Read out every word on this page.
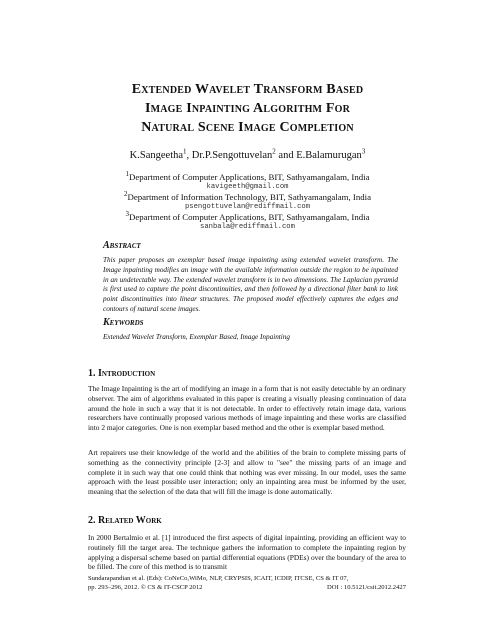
Extended Wavelet Transform Based
Image Inpainting Algorithm For
Natural Scene Image Completion
K.Sangeetha$^1$, Dr.P.Sengottuvelan$^2$ and E.Balamurugan$^3$
$^1$Department of Computer Applications, BIT, Sathyamangalam, India
kavigeeth@gmail.com
$^2$Department of Information Technology, BIT, Sathyamangalam, India
psengottuvelan@rediffmail.com
$^3$Department of Computer Applications, BIT, Sathyamangalam, India
sanbala@rediffmail.com
Abstract
This paper proposes an exemplar based image inpainting using extended wavelet transform. The Image inpainting modifies an image with the available information outside the region to be inpainted in an undetectable way. The extended wavelet transform is in two dimensions. The Laplacian pyramid is first used to capture the point discontinuities, and then followed by a directional filter bank to link point discontinuities into linear structures. The proposed model effectively captures the edges and contours of natural scene images.
Keywords
Extended Wavelet Transform, Exemplar Based, Image Inpainting
1. Introduction
The Image Inpainting is the art of modifying an image in a form that is not easily detectable by an ordinary observer. The aim of algorithms evaluated in this paper is creating a visually pleasing continuation of data around the hole in such a way that it is not detectable. In order to effectively retain image data, various researchers have continually proposed various methods of image inpainting and these works are classified into 2 major categories. One is non exemplar based method and the other is exemplar based method.
Art repairers use their knowledge of the world and the abilities of the brain to complete missing parts of something as the connectivity principle [2-3] and allow to "see" the missing parts of an image and complete it in such way that one could think that nothing was ever missing. In our model, uses the same approach with the least possible user interaction; only an inpainting area must be informed by the user, meaning that the selection of the data that will fill the image is done automatically.
2. Related Work
In 2000 Bertalmio et al. [1] introduced the first aspects of digital inpainting, providing an efficient way to routinely fill the target area. The technique gathers the information to complete the inpainting region by applying a dispersal scheme based on partial differential equations (PDEs) over the boundary of the area to be filled. The core of this method is to transmit
Sundarapandian et al. (Eds): CoNeCo,WiMo, NLP, CRYPSIS, ICAIT, ICDIP, ITCSE, CS & IT 07,
pp. 293–296, 2012. © CS & IT-CSCP 2012	DOI : 10.5121/csit.2012.2427
